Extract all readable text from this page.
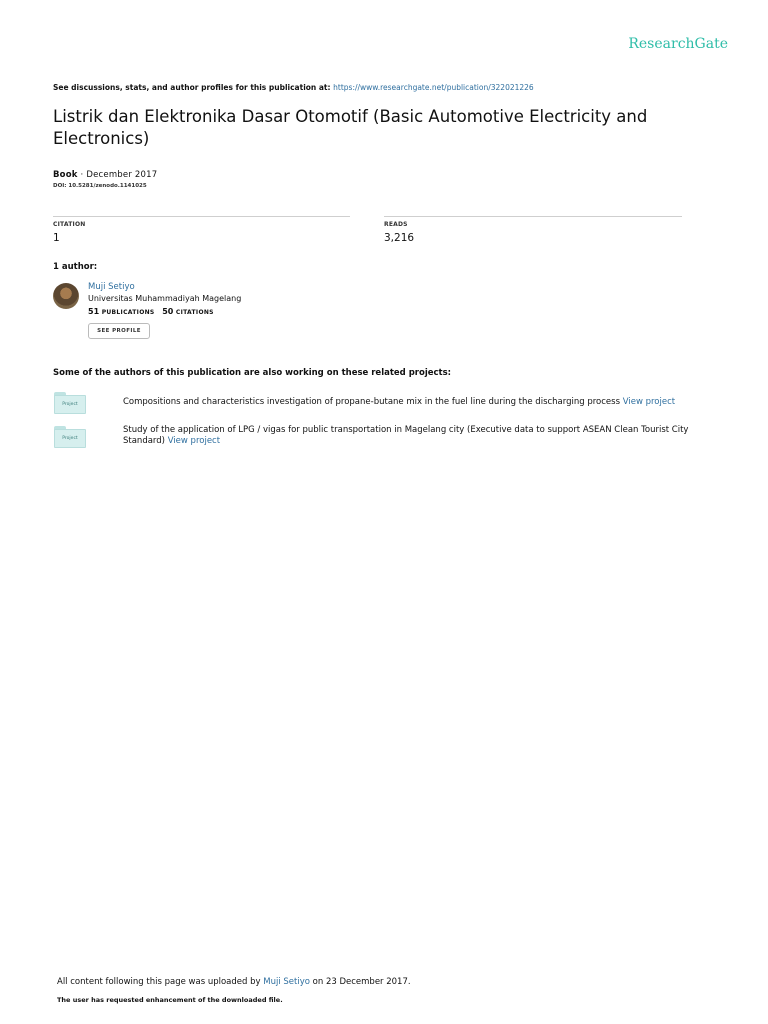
ResearchGate
See discussions, stats, and author profiles for this publication at: https://www.researchgate.net/publication/322021226
Listrik dan Elektronika Dasar Otomotif (Basic Automotive Electricity and Electronics)
Book · December 2017
DOI: 10.5281/zenodo.1141025
CITATION
1
READS
3,216
1 author:
Muji Setiyo
Universitas Muhammadiyah Magelang
51 PUBLICATIONS 50 CITATIONS
SEE PROFILE
Some of the authors of this publication are also working on these related projects:
Project	Compositions and characteristics investigation of propane-butane mix in the fuel line during the discharging process View project
Project
Study of the application of LPG / vigas for public transportation in Magelang city (Executive data to support ASEAN Clean Tourist City Standard) View project
All content following this page was uploaded by Muji Setiyo on 23 December 2017.
The user has requested enhancement of the downloaded file.
